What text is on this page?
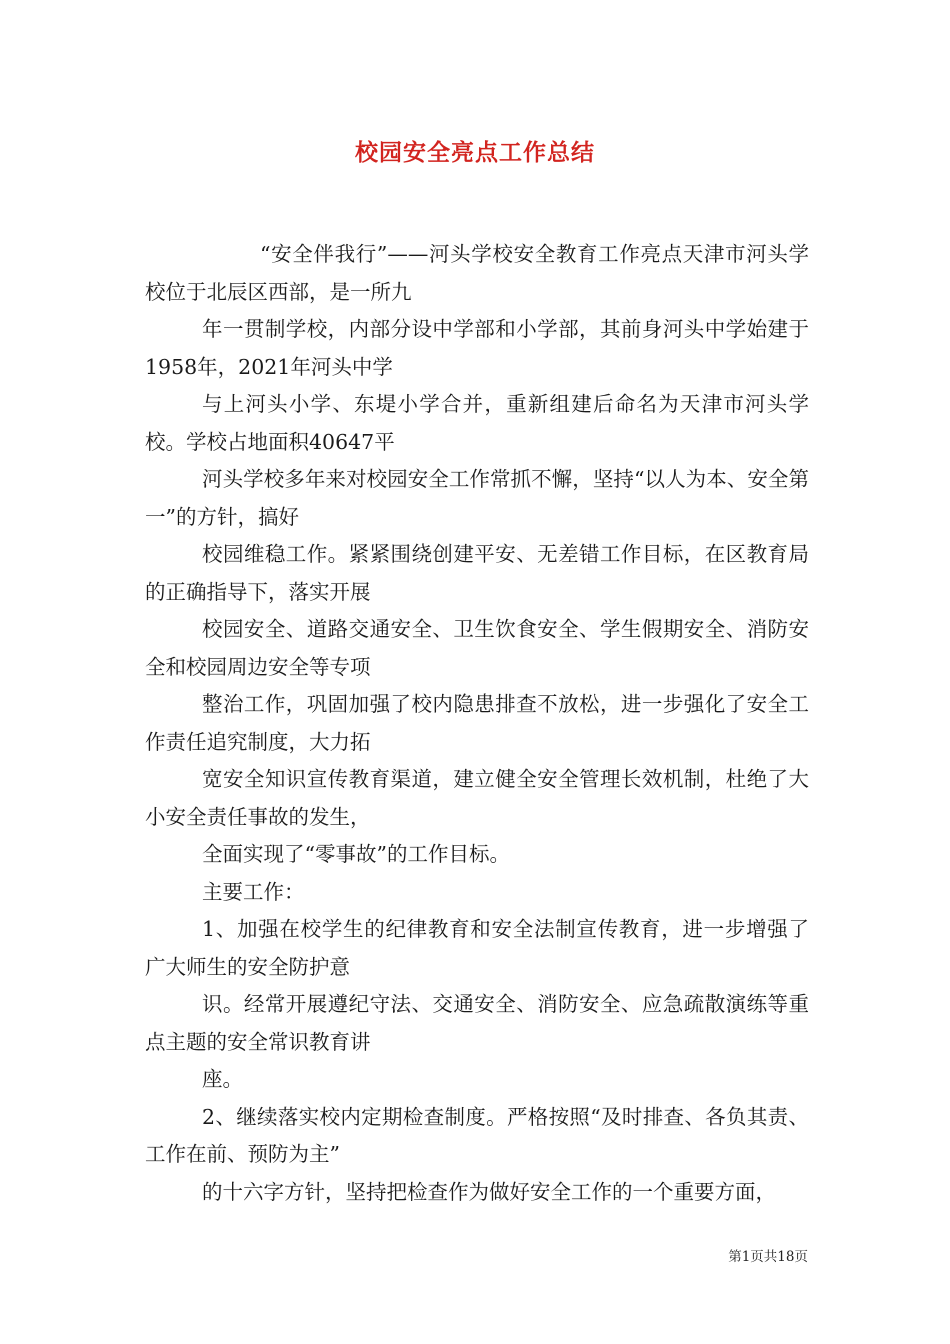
校园安全亮点工作总结

“安全伴我行”——河头学校安全教育工作亮点天津市河头学校位于北辰区西部，是一所九

年一贯制学校，内部分设中学部和小学部，其前身河头中学始建于1958年，2021年河头中学

与上河头小学、东堤小学合并，重新组建后命名为天津市河头学校。学校占地面积40647平

河头学校多年来对校园安全工作常抓不懈，坚持“以人为本、安全第一”的方针，搞好

校园维稳工作。紧紧围绕创建平安、无差错工作目标，在区教育局的正确指导下，落实开展

校园安全、道路交通安全、卫生饮食安全、学生假期安全、消防安全和校园周边安全等专项

整治工作，巩固加强了校内隐患排查不放松，进一步强化了安全工作责任追究制度，大力拓

宽安全知识宣传教育渠道，建立健全安全管理长效机制，杜绝了大小安全责任事故的发生，

全面实现了“零事故”的工作目标。

主要工作：

1、加强在校学生的纪律教育和安全法制宣传教育，进一步增强了广大师生的安全防护意

识。经常开展遵纪守法、交通安全、消防安全、应急疏散演练等重点主题的安全常识教育讲

座。

2、继续落实校内定期检查制度。严格按照“及时排查、各负其责、工作在前、预防为主”

的十六字方针，坚持把检查作为做好安全工作的一个重要方面，

第1页共18页
